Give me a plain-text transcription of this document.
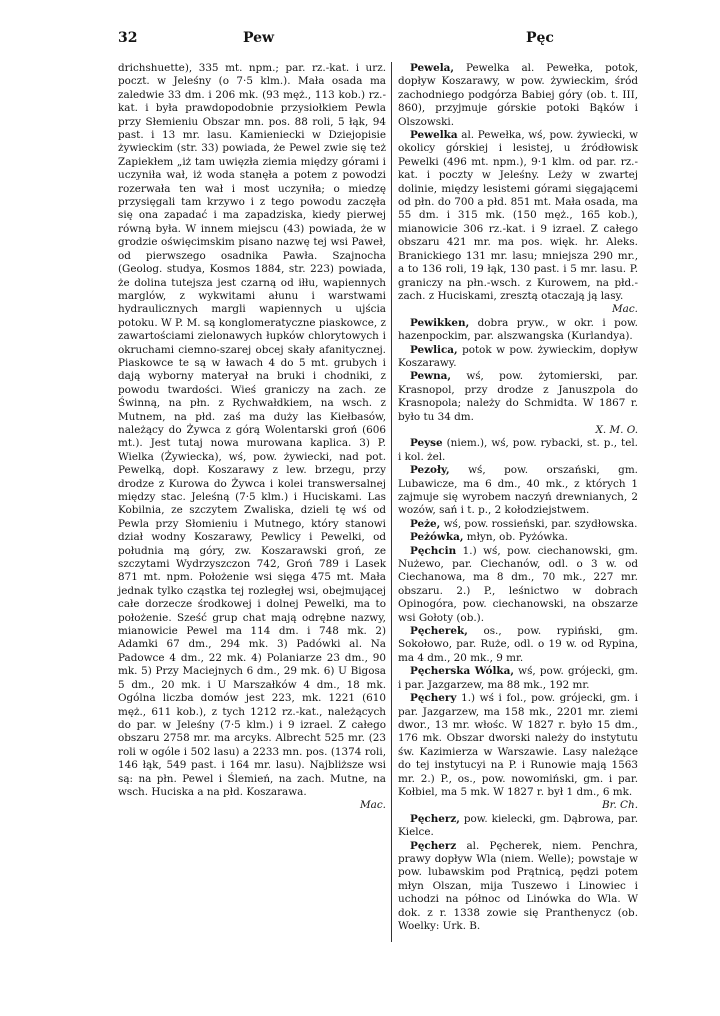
32	Pew	Pęc

drichshuette), 335 mt. npm.; par. rz.-kat. i urz. poczt. w Jeleśny (o 7·5 klm.). Mała osada ma zaledwie 33 dm. i 206 mk. (93 męż., 113 kob.) rz.-kat. i była prawdopodobnie przysiołkiem Pewla przy Słemieniu Obszar mn. pos. 88 roli, 5 łąk, 94 past. i 13 mr. lasu. Kamieniecki w Dziejopisie żywieckim (str. 33) powiada, że Pewel zwie się też Zapiekłem „iż tam uwięzła ziemia między górami i uczyniła wał, iż woda stanęła a potem z powodzi rozerwała ten wał i most uczyniła; o miedzę przysięgali tam krzywo i z tego powodu zaczęła się ona zapadać i ma zapadziska, kiedy pierwej równą była. W innem miejscu (43) powiada, że w grodzie oświęcimskim pisano nazwę tej wsi Paweł, od pierwszego osadnika Pawła. Szajnocha (Geolog. studya, Kosmos 1884, str. 223) powiada, że dolina tutejsza jest czarną od iłłu, wapiennych marglów, z wykwitami ałunu i warstwami hydraulicznych margli wapiennych u ujścia potoku. W P. M. są konglomeratyczne piaskowce, z zawartościami zielonawych łupków chlorytowych i okruchami ciemno-szarej obcej skały afanitycznej. Piaskowce te są w ławach 4 do 5 mt. grubych i dają wyborny materyał na bruki i chodniki, z powodu twardości. Wieś graniczy na zach. ze Świnną, na płn. z Rychwałdkiem, na wsch. z Mutnem, na płd. zaś ma duży las Kiełbasów, należący do Żywca z górą Wolentarski groń (606 mt.). Jest tutaj nowa murowana kaplica. 3) P. Wielka (Żywiecka), wś, pow. żywiecki, nad pot. Pewelką, dopł. Koszarawy z lew. brzegu, przy drodze z Kurowa do Żywca i kolei transwersalnej między stac. Jeleśną (7·5 klm.) i Huciskami. Las Kobilnia, ze szczytem Zwaliska, dzieli tę wś od Pewla przy Słomieniu i Mutnego, który stanowi dział wodny Koszarawy, Pewlicy i Pewelki, od południa mą góry, zw. Koszarawski groń, ze szczytami Wydrzyszczon 742, Groń 789 i Lasek 871 mt. npm. Położenie wsi sięga 475 mt. Mała jednak tylko cząstka tej rozległej wsi, obejmującej całe dorzecze środkowej i dolnej Pewelki, ma to położenie. Sześć grup chat mają odrębne nazwy, mianowicie Pewel ma 114 dm. i 748 mk. 2) Adamki 67 dm., 294 mk. 3) Padówki al. Na Padowce 4 dm., 22 mk. 4) Polaniarze 23 dm., 90 mk. 5) Przy Maciejnych 6 dm., 29 mk. 6) U Bigosa 5 dm., 20 mk. i U Marszałków 4 dm., 18 mk. Ogólna liczba domów jest 223, mk. 1221 (610 męż., 611 kob.), z tych 1212 rz.-kat., należących do par. w Jeleśny (7·5 klm.) i 9 izrael. Z całego obszaru 2758 mr. ma arcyks. Albrecht 525 mr. (23 roli w ogóle i 502 lasu) a 2233 mn. pos. (1374 roli, 146 łąk, 549 past. i 164 mr. lasu). Najbliższe wsi są: na płn. Pewel i Ślemień, na zach. Mutne, na wsch. Huciska a na płd. Koszarawa.
Mac.

Pewela, Pewelka al. Pewełka, potok, dopływ Koszarawy, w pow. żywieckim, śród zachodniego podgórza Babiej góry (ob. t. III, 860), przyjmuje górskie potoki Bąków i Olszowski.

Pewelka al. Pewełka, wś, pow. żywiecki, w okolicy górskiej i lesistej, u źródłowisk Pewelki (496 mt. npm.), 9·1 klm. od par. rz.-kat. i poczty w Jeleśny. Leży w zwartej dolinie, między lesistemi górami sięgającemi od płn. do 700 a płd. 851 mt. Mała osada, ma 55 dm. i 315 mk. (150 męż., 165 kob.), mianowicie 306 rz.-kat. i 9 izrael. Z całego obszaru 421 mr. ma pos. więk. hr. Aleks. Branickiego 131 mr. lasu; mniejsza 290 mr., a to 136 roli, 19 łąk, 130 past. i 5 mr. lasu. P. graniczy na płn.-wsch. z Kurowem, na płd.-zach. z Huciskami, zresztą otaczają ją lasy.
Mac.

Pewikken, dobra pryw., w okr. i pow. hazenpockim, par. alszwangska (Kurlandya).

Pewlica, potok w pow. żywieckim, dopływ Koszarawy.

Pewna, wś, pow. żytomierski, par. Krasnopol, przy drodze z Januszpola do Krasnopola; należy do Schmidta. W 1867 r. było tu 34 dm.
X. M. O.

Peyse (niem.), wś, pow. rybacki, st. p., tel. i kol. żel.

Pezoły, wś, pow. orszański, gm. Lubawicze, ma 6 dm., 40 mk., z których 1 zajmuje się wyrobem naczyń drewnianych, 2 wozów, sań i t. p., 2 kołodziejstwem.

Peże, wś, pow. rossieński, par. szydłowska.

Peżówka, młyn, ob. Pyżówka.

Pęchcin 1.) wś, pow. ciechanowski, gm. Nużewo, par. Ciechanów, odl. o 3 w. od Ciechanowa, ma 8 dm., 70 mk., 227 mr. obszaru. 2.) P., leśnictwo w dobrach Opinogóra, pow. ciechanowski, na obszarze wsi Gołoty (ob.).

Pęcherek, os., pow. rypiński, gm. Sokołowo, par. Ruże, odl. o 19 w. od Rypina, ma 4 dm., 20 mk., 9 mr.

Pęcherska Wólka, wś, pow. grójecki, gm. i par. Jazgarzew, ma 88 mk., 192 mr.

Pęchery 1.) wś i fol., pow. grójecki, gm. i par. Jazgarzew, ma 158 mk., 2201 mr. ziemi dwor., 13 mr. włośc. W 1827 r. było 15 dm., 176 mk. Obszar dworski należy do instytutu św. Kazimierza w Warszawie. Lasy należące do tej instytucyi na P. i Runowie mają 1563 mr. 2.) P., os., pow. nowomiński, gm. i par. Kołbiel, ma 5 mk. W 1827 r. był 1 dm., 6 mk.
Br. Ch.

Pęcherz, pow. kielecki, gm. Dąbrowa, par. Kielce.

Pęcherz al. Pęcherek, niem. Penchra, prawy dopływ Wla (niem. Welle); powstaje w pow. lubawskim pod Prątnicą, pędzi potem młyn Olszan, mija Tuszewo i Linowiec i uchodzi na północ od Linówka do Wla. W dok. z r. 1338 zowie się Pranthenycz (ob. Woelky: Urk. B.
